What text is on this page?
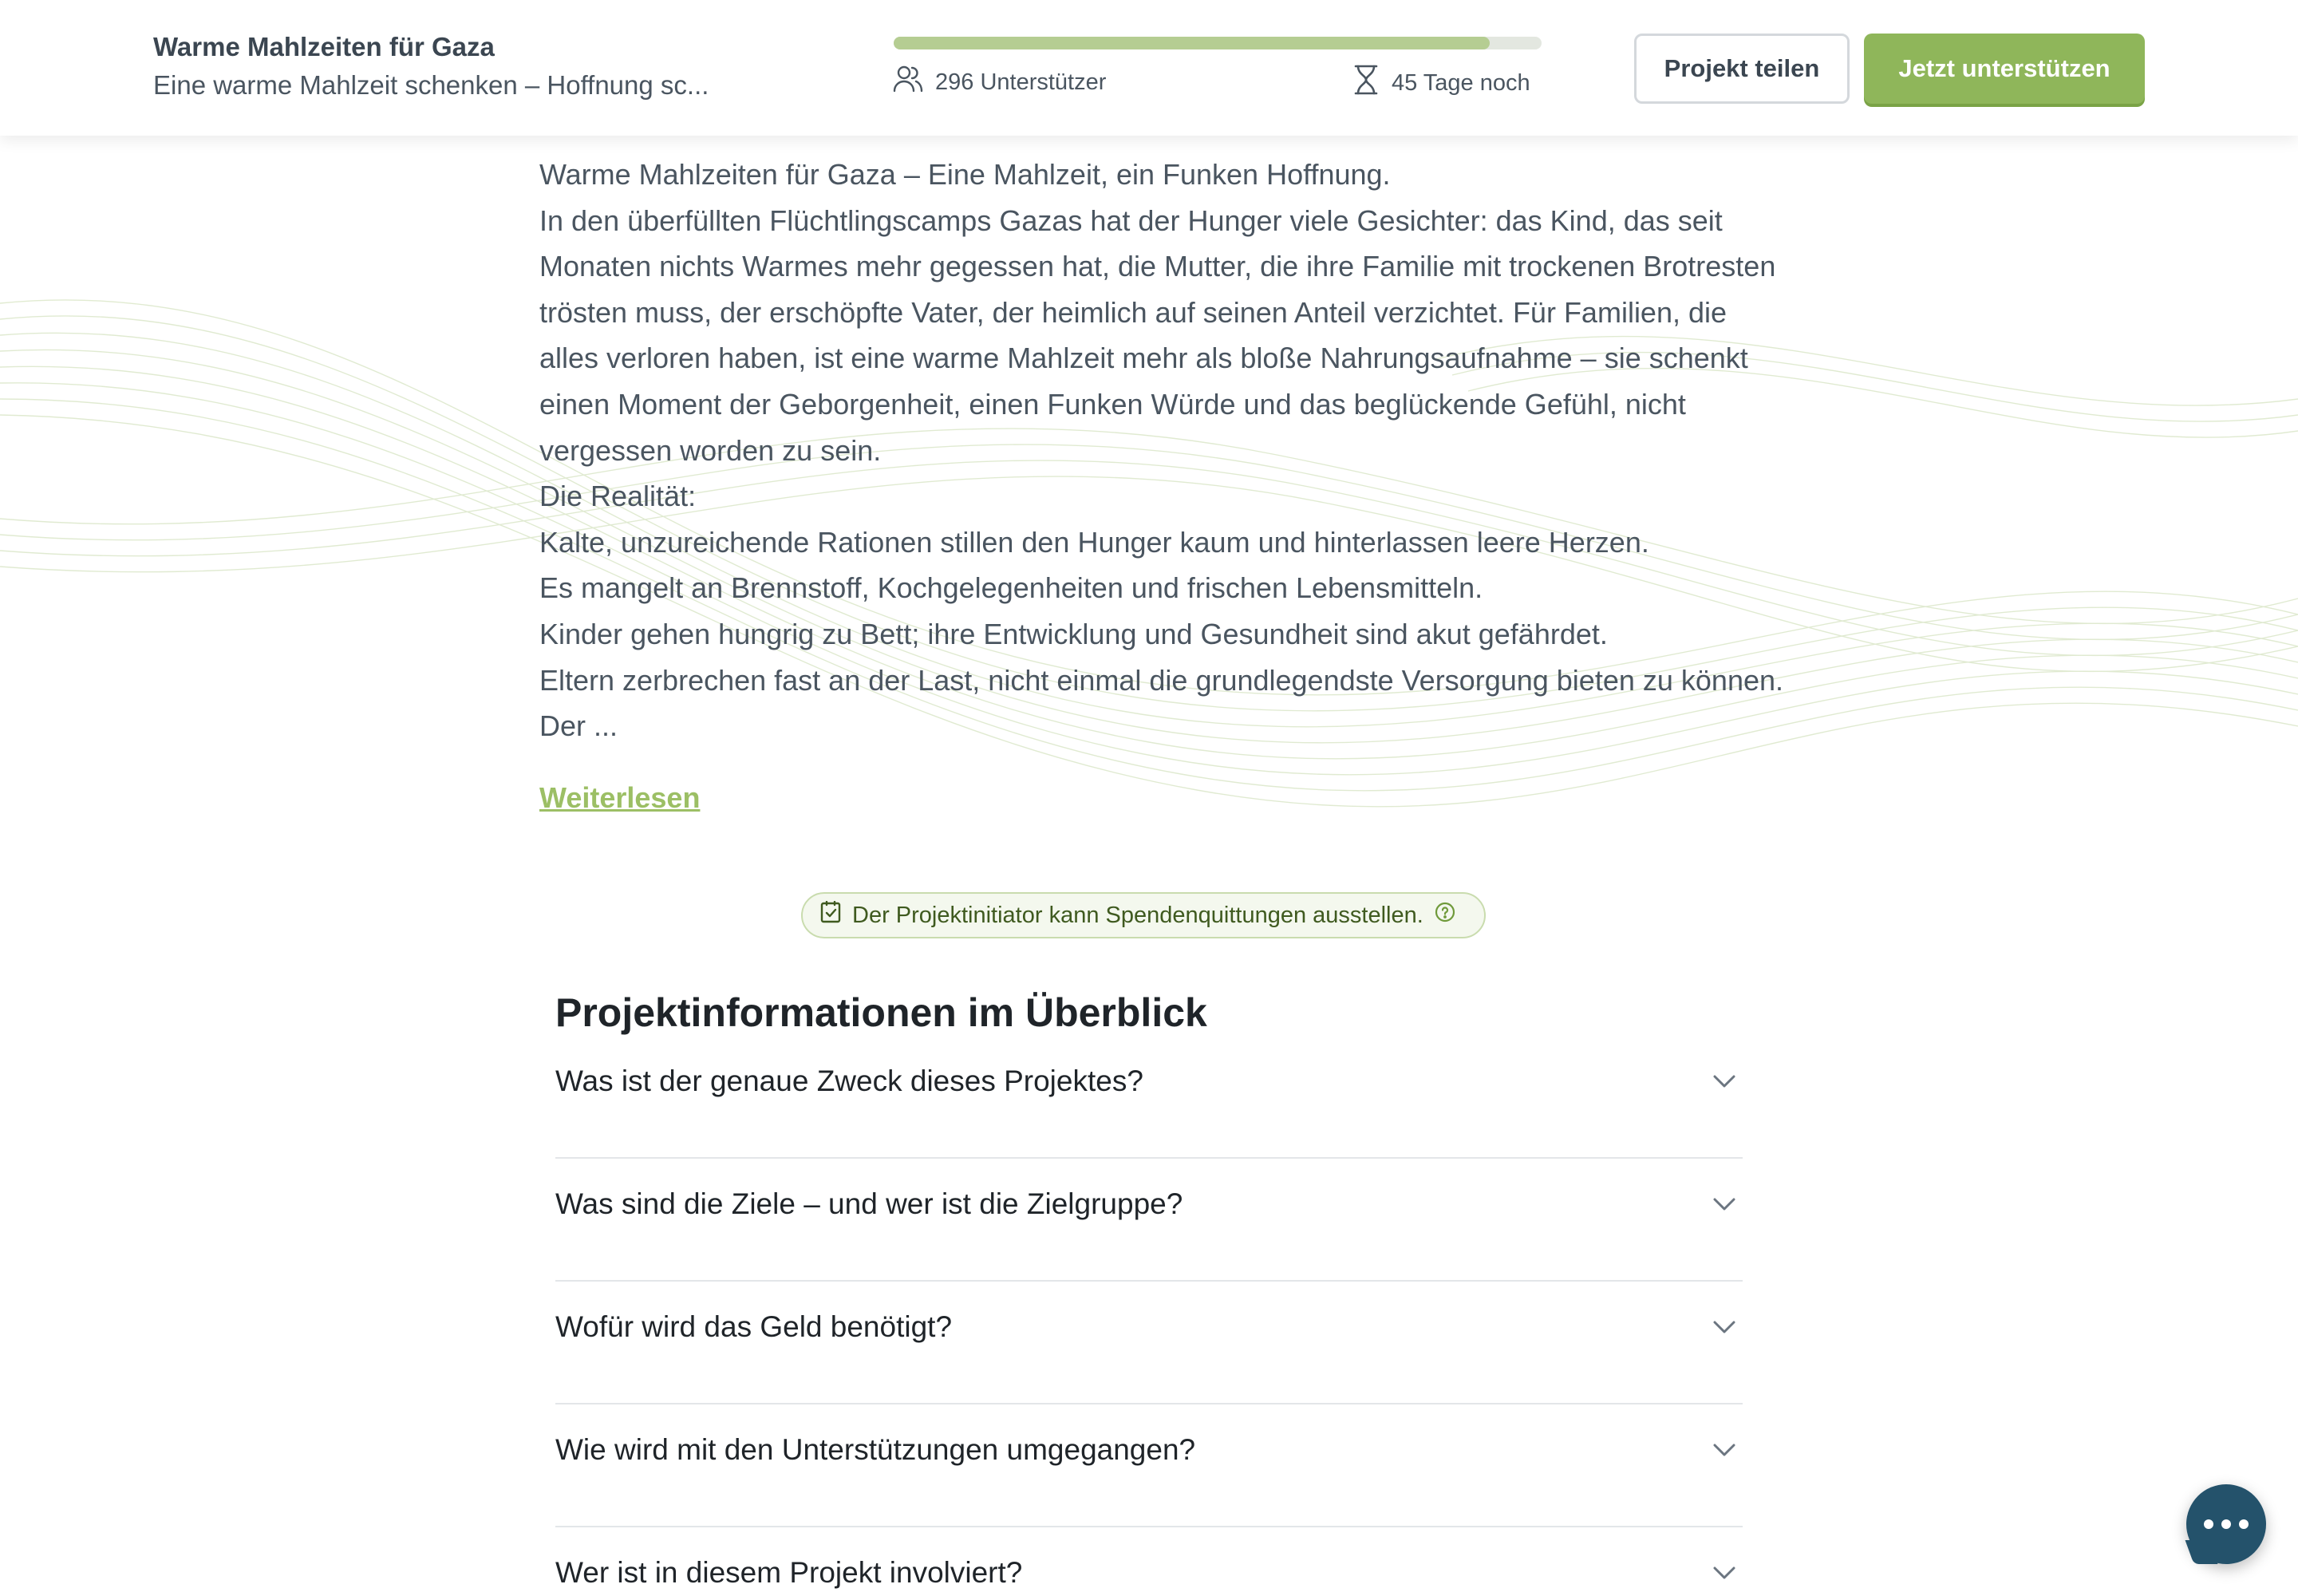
Warme Mahlzeiten für Gaza
Eine warme Mahlzeit schenken – Hoffnung sc...	296 Unterstützer	45 Tage noch
Projekt teilen	Jetzt unterstützen

Warme Mahlzeiten für Gaza – Eine Mahlzeit, ein Funken Hoffnung.

In den überfüllten Flüchtlingscamps Gazas hat der Hunger viele Gesichter: das Kind, das seit Monaten nichts Warmes mehr gegessen hat, die Mutter, die ihre Familie mit trockenen Brotresten trösten muss, der erschöpfte Vater, der heimlich auf seinen Anteil verzichtet. Für Familien, die alles verloren haben, ist eine warme Mahlzeit mehr als bloße Nahrungsaufnahme – sie schenkt einen Moment der Geborgenheit, einen Funken Würde und das beglückende Gefühl, nicht vergessen worden zu sein.

Die Realität:

Kalte, unzureichende Rationen stillen den Hunger kaum und hinterlassen leere Herzen.

Es mangelt an Brennstoff, Kochgelegenheiten und frischen Lebensmitteln.

Kinder gehen hungrig zu Bett; ihre Entwicklung und Gesundheit sind akut gefährdet.

Eltern zerbrechen fast an der Last, nicht einmal die grundlegendste Versorgung bieten zu können.

Der ...

Weiterlesen
Der Projektinitiator kann Spendenquittungen ausstellen.
Projektinformationen im Überblick
Was ist der genaue Zweck dieses Projektes?
Was sind die Ziele – und wer ist die Zielgruppe?
Wofür wird das Geld benötigt?
Wie wird mit den Unterstützungen umgegangen?
Wer ist in diesem Projekt involviert?
